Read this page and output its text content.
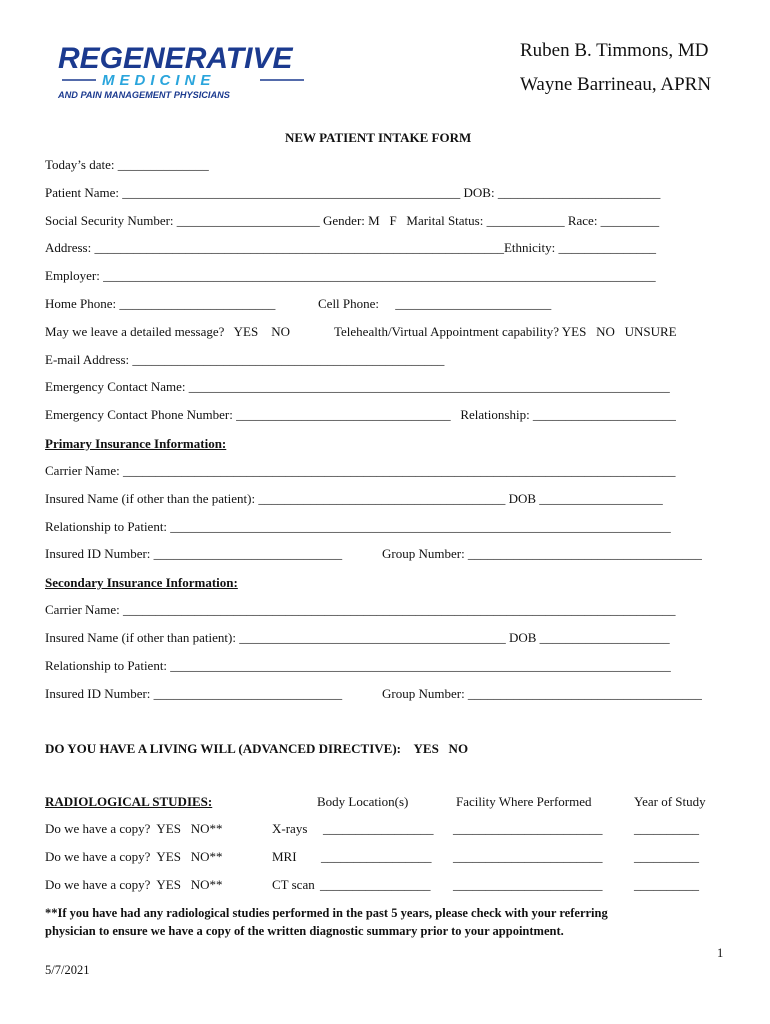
REGENERATIVE
MEDICINE
AND PAIN MANAGEMENT PHYSICIANS
Ruben B. Timmons, MD
Wayne Barrineau, APRN
NEW PATIENT INTAKE FORM
Today’s date: ______________
Patient Name: ____________________________________________________ DOB: _________________________
Social Security Number: ______________________ Gender: M   F   Marital Status: ____________ Race: _________
Address: _______________________________________________________________Ethnicity: _______________
Employer: _____________________________________________________________________________________
Home Phone: ________________________	Cell Phone:     ________________________
May we leave a detailed message?   YES    NO	Telehealth/Virtual Appointment capability? YES   NO   UNSURE
E-mail Address: ________________________________________________
Emergency Contact Name: __________________________________________________________________________
Emergency Contact Phone Number: _________________________________   Relationship: ______________________
Primary Insurance Information:
Carrier Name: _____________________________________________________________________________________
Insured Name (if other than the patient): ______________________________________ DOB ___________________
Relationship to Patient: _____________________________________________________________________________
Insured ID Number: _____________________________	Group Number: ____________________________________
Secondary Insurance Information:
Carrier Name: _____________________________________________________________________________________
Insured Name (if other than patient): _________________________________________ DOB ____________________
Relationship to Patient: _____________________________________________________________________________
Insured ID Number: _____________________________	Group Number: ____________________________________
DO YOU HAVE A LIVING WILL (ADVANCED DIRECTIVE):    YES   NO
RADIOLOGICAL STUDIES:	Body Location(s)	Facility Where Performed	Year of Study
Do we have a copy?  YES   NO**	X-rays _________________ _______________________ __________
Do we have a copy?  YES   NO**	MRI _________________ _______________________ __________
Do we have a copy?  YES   NO**	CT scan _________________ _______________________ __________
**If you have had any radiological studies performed in the past 5 years, please check with your referring
physician to ensure we have a copy of the written diagnostic summary prior to your appointment.
1
5/7/2021
